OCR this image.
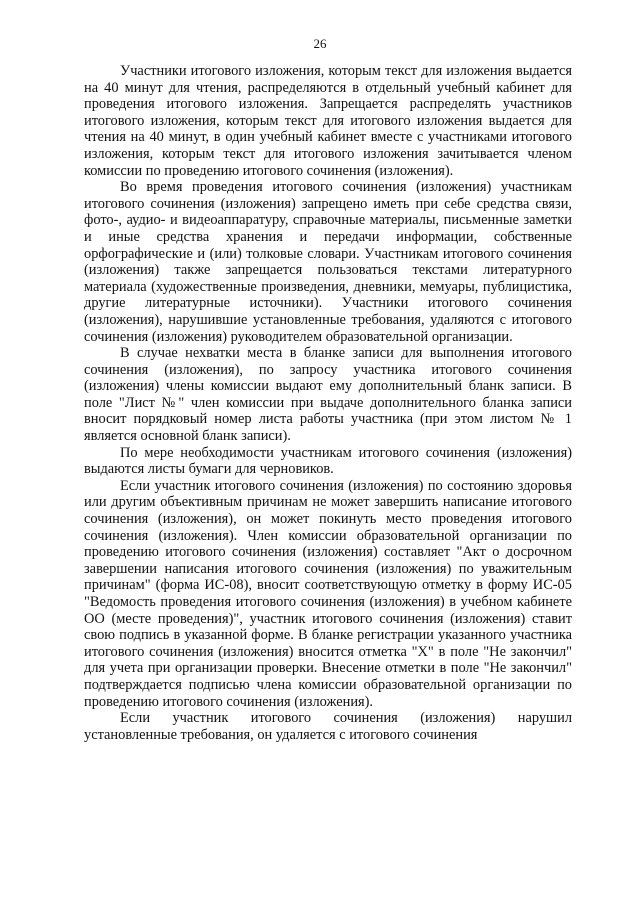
26

Участники итогового изложения, которым текст для изложения выдается на 40 минут для чтения, распределяются в отдельный учебный кабинет для проведения итогового изложения. Запрещается распределять участников итогового изложения, которым текст для итогового изложения выдается для чтения на 40 минут, в один учебный кабинет вместе с участниками итогового изложения, которым текст для итогового изложения зачитывается членом комиссии по проведению итогового сочинения (изложения).

Во время проведения итогового сочинения (изложения) участникам итогового сочинения (изложения) запрещено иметь при себе средства связи, фото-, аудио- и видеоаппаратуру, справочные материалы, письменные заметки и иные средства хранения и передачи информации, собственные орфографические и (или) толковые словари. Участникам итогового сочинения (изложения) также запрещается пользоваться текстами литературного материала (художественные произведения, дневники, мемуары, публицистика, другие литературные источники). Участники итогового сочинения (изложения), нарушившие установленные требования, удаляются с итогового сочинения (изложения) руководителем образовательной организации.

В случае нехватки места в бланке записи для выполнения итогового сочинения (изложения), по запросу участника итогового сочинения (изложения) члены комиссии выдают ему дополнительный бланк записи. В поле "Лист №" член комиссии при выдаче дополнительного бланка записи вносит порядковый номер листа работы участника (при этом листом № 1 является основной бланк записи).

По мере необходимости участникам итогового сочинения (изложения) выдаются листы бумаги для черновиков.

Если участник итогового сочинения (изложения) по состоянию здоровья или другим объективным причинам не может завершить написание итогового сочинения (изложения), он может покинуть место проведения итогового сочинения (изложения). Член комиссии образовательной организации по проведению итогового сочинения (изложения) составляет "Акт о досрочном завершении написания итогового сочинения (изложения) по уважительным причинам" (форма ИС-08), вносит соответствующую отметку в форму ИС-05 "Ведомость проведения итогового сочинения (изложения) в учебном кабинете ОО (месте проведения)", участник итогового сочинения (изложения) ставит свою подпись в указанной форме. В бланке регистрации указанного участника итогового сочинения (изложения) вносится отметка "Х" в поле "Не закончил" для учета при организации проверки. Внесение отметки в поле "Не закончил" подтверждается подписью члена комиссии образовательной организации по проведению итогового сочинения (изложения).

Если участник итогового сочинения (изложения) нарушил установленные требования, он удаляется с итогового сочинения
